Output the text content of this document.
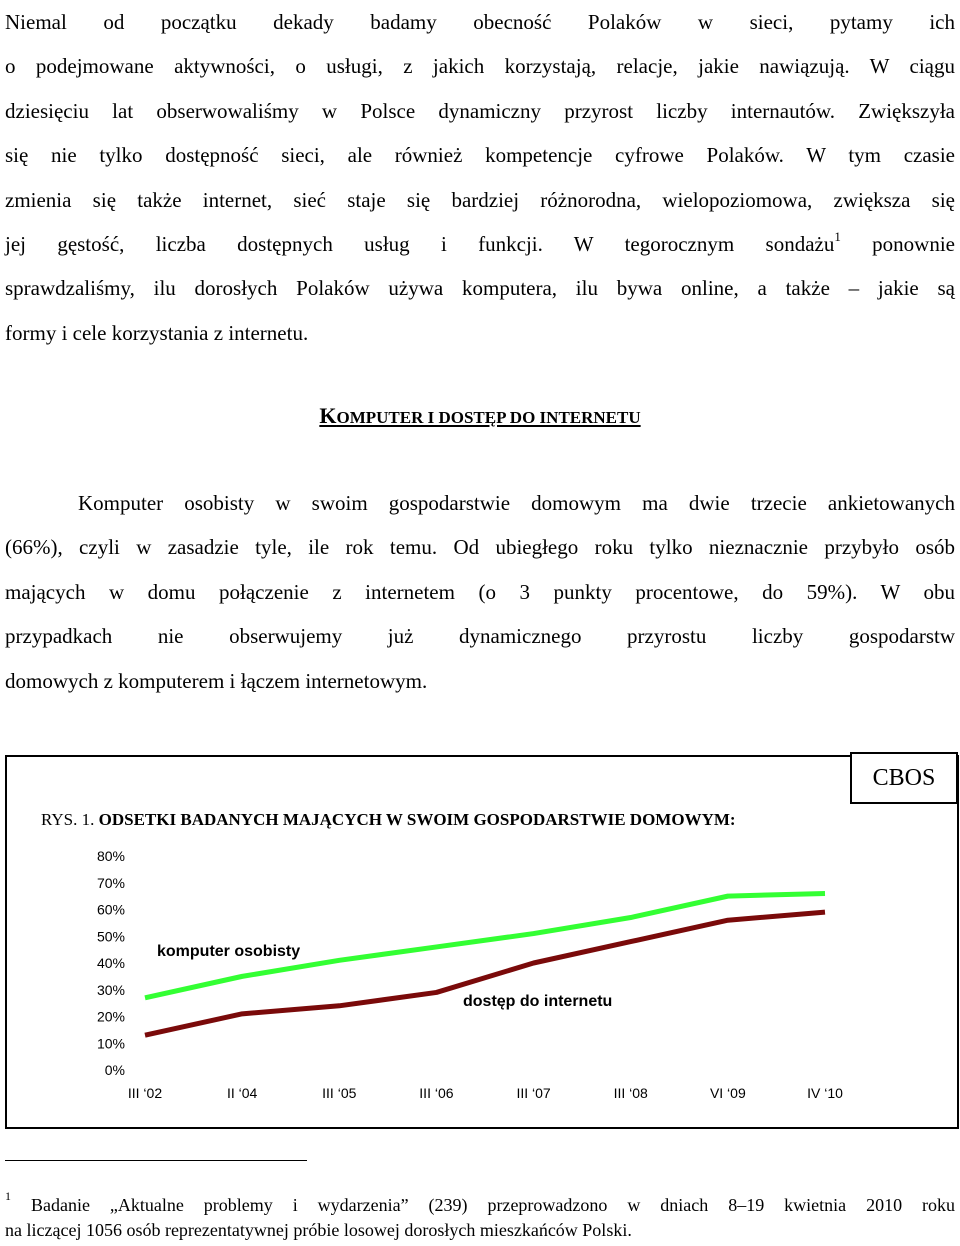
Niemal od początku dekady badamy obecność Polaków w sieci, pytamy ich
o podejmowane aktywności, o usługi, z jakich korzystają, relacje, jakie nawiązują. W ciągu
dziesięciu lat obserwowaliśmy w Polsce dynamiczny przyrost liczby internautów. Zwiększyła
się nie tylko dostępność sieci, ale również kompetencje cyfrowe Polaków. W tym czasie
zmienia się także internet, sieć staje się bardziej różnorodna, wielopoziomowa, zwiększa się
jej gęstość, liczba dostępnych usług i funkcji. W tegorocznym sondażu$^1$ ponownie
sprawdzaliśmy, ilu dorosłych Polaków używa komputera, ilu bywa online, a także – jakie są
formy i cele korzystania z internetu.
KOMPUTER I DOSTĘP DO INTERNETU
Komputer osobisty w swoim gospodarstwie domowym ma dwie trzecie ankietowanych
(66%), czyli w zasadzie tyle, ile rok temu. Od ubiegłego roku tylko nieznacznie przybyło osób
mających w domu połączenie z internetem (o 3 punkty procentowe, do 59%). W obu
przypadkach nie obserwujemy już dynamicznego przyrostu liczby gospodarstw
domowych z komputerem i łączem internetowym.
CBOS
RYS. 1. ODSETKI BADANYCH MAJĄCYCH W SWOIM GOSPODARSTWIE DOMOWYM:
0%
10%
20%
30%
40%
50%
60%
70%
80%
III ‘02	II ‘04	III ‘05	III ‘06	III ‘07	III ‘08	VI ‘09	IV ‘10
komputer osobisty
dostęp do internetu
$^1$ Badanie „Aktualne problemy i wydarzenia” (239) przeprowadzono w dniach 8–19 kwietnia 2010 roku
na liczącej 1056 osób reprezentatywnej próbie losowej dorosłych mieszkańców Polski.
